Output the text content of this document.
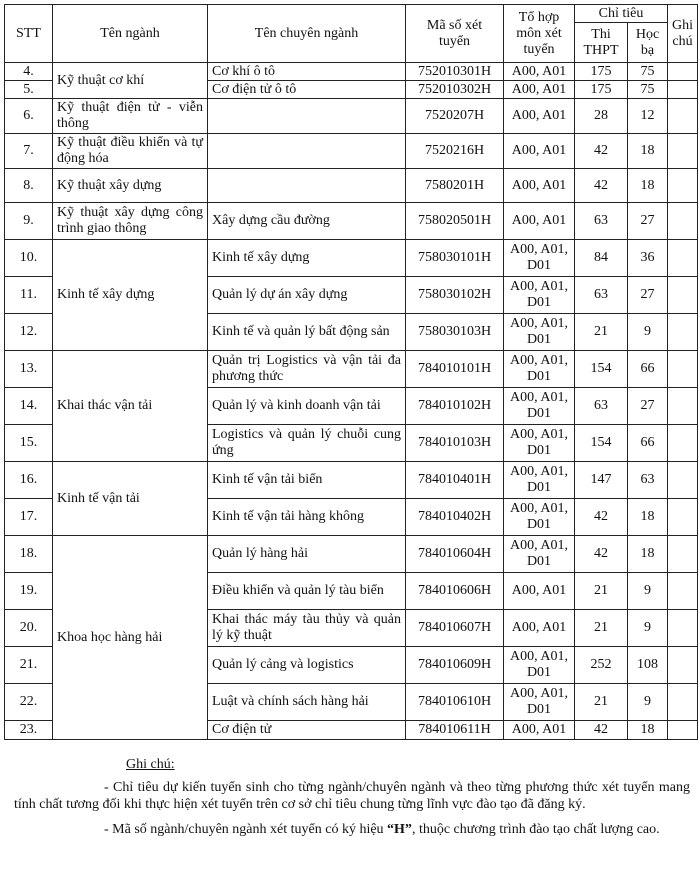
STT	Tên ngành	Tên chuyên ngành	Mã số xét tuyển	Tổ hợp môn xét tuyển	Chỉ tiêu		Ghi chú
					Thi THPT	Học bạ	
4.	Kỹ thuật cơ khí	Cơ khí ô tô	752010301H	A00, A01	175	75	
5.		Cơ điện tử ô tô	752010302H	A00, A01	175	75	
6.	Kỹ thuật điện tử - viễn thông		7520207H	A00, A01	28	12	
7.	Kỹ thuật điều khiển và tự động hóa		7520216H	A00, A01	42	18	
8.	Kỹ thuật xây dựng		7580201H	A00, A01	42	18	
9.	Kỹ thuật xây dựng công trình giao thông	Xây dựng cầu đường	758020501H	A00, A01	63	27	
10.	Kinh tế xây dựng	Kinh tế xây dựng	758030101H	A00, A01, D01	84	36	
11.		Quản lý dự án xây dựng	758030102H	A00, A01, D01	63	27	
12.		Kinh tế và quản lý bất động sản	758030103H	A00, A01, D01	21	9	
13.	Khai thác vận tải	Quản trị Logistics và vận tải đa phương thức	784010101H	A00, A01, D01	154	66	
14.		Quản lý và kinh doanh vận tải	784010102H	A00, A01, D01	63	27	
15.		Logistics và quản lý chuỗi cung ứng	784010103H	A00, A01, D01	154	66	
16.	Kinh tế vận tải	Kinh tế vận tải biển	784010401H	A00, A01, D01	147	63	
17.		Kinh tế vận tải hàng không	784010402H	A00, A01, D01	42	18	
18.	Khoa học hàng hải	Quản lý hàng hải	784010604H	A00, A01, D01	42	18	
19.		Điều khiển và quản lý tàu biển	784010606H	A00, A01	21	9	
20.		Khai thác máy tàu thủy và quản lý kỹ thuật	784010607H	A00, A01	21	9	
21.		Quản lý cảng và logistics	784010609H	A00, A01, D01	252	108	
22.		Luật và chính sách hàng hải	784010610H	A00, A01, D01	21	9	
23.		Cơ điện tử	784010611H	A00, A01	42	18	
Ghi chú:

- Chỉ tiêu dự kiến tuyển sinh cho từng ngành/chuyên ngành và theo từng phương thức xét tuyển mang tính chất tương đối khi thực hiện xét tuyển trên cơ sở chỉ tiêu chung từng lĩnh vực đào tạo đã đăng ký.

- Mã số ngành/chuyên ngành xét tuyển có ký hiệu “H”, thuộc chương trình đào tạo chất lượng cao.
